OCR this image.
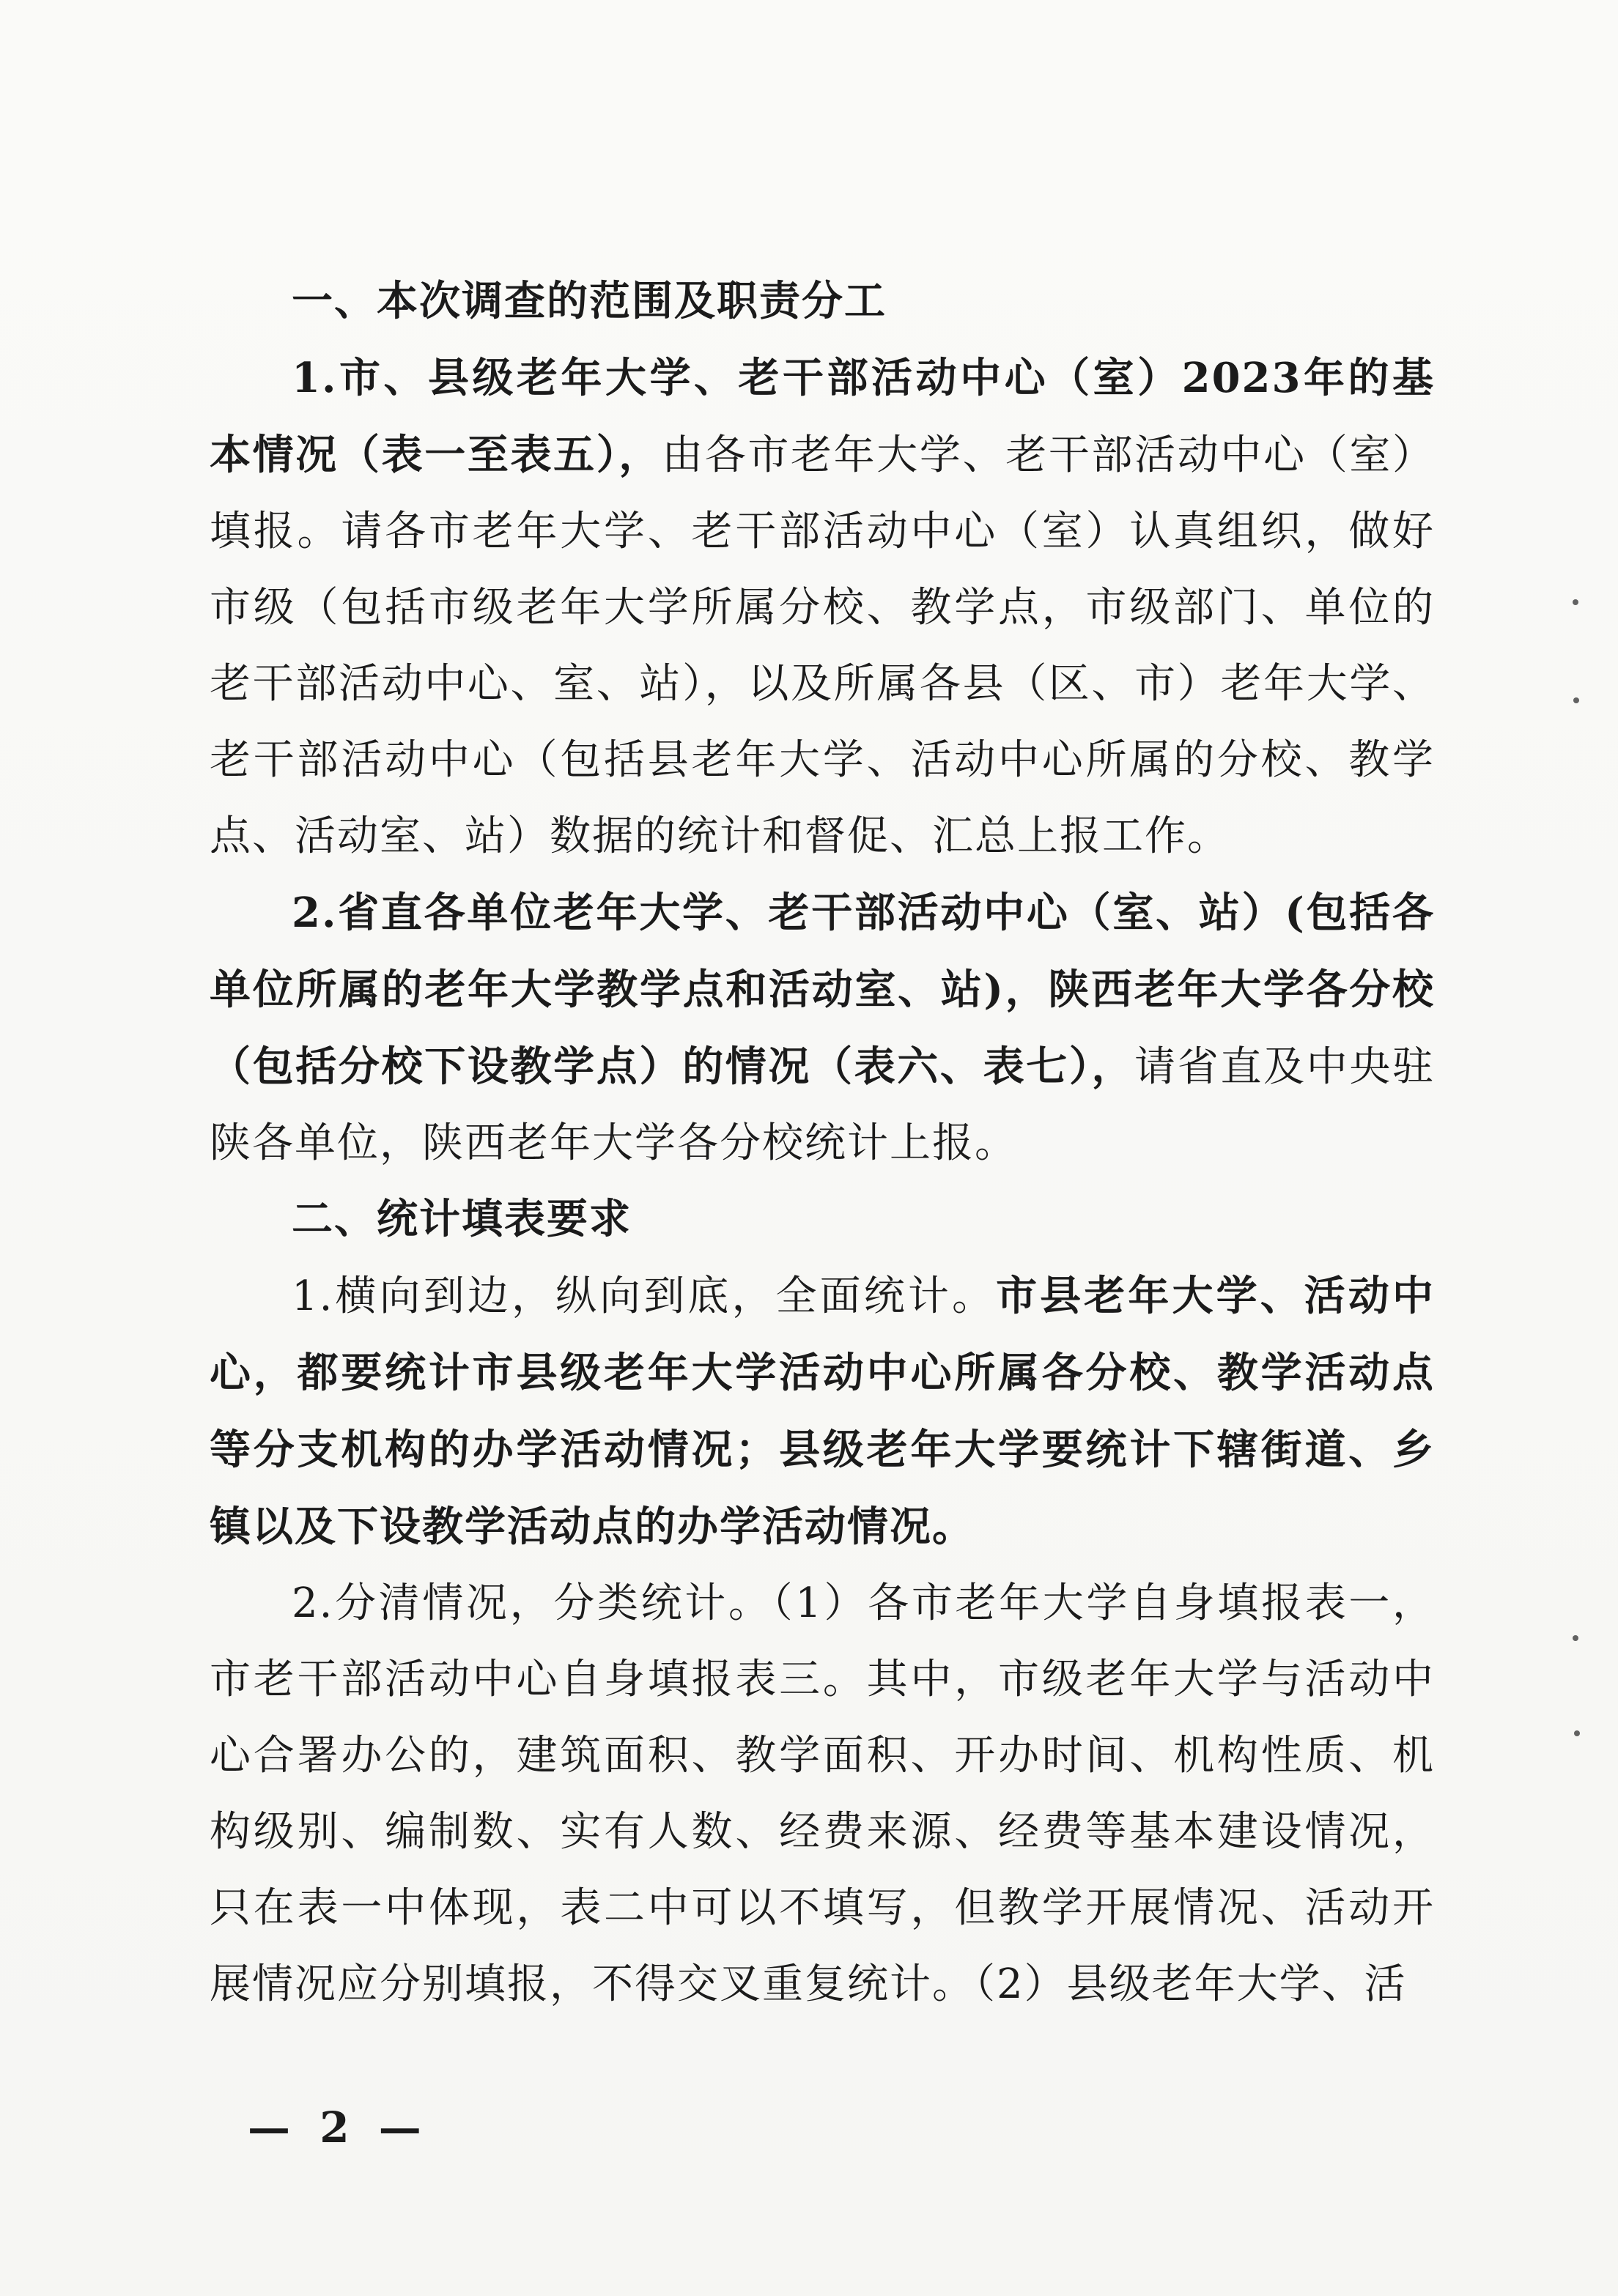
一、本次调查的范围及职责分工

1.市、县级老年大学、老干部活动中心（室）2023年的基本情况（表一至表五），由各市老年大学、老干部活动中心（室）填报。请各市老年大学、老干部活动中心（室）认真组织，做好市级（包括市级老年大学所属分校、教学点，市级部门、单位的老干部活动中心、室、站），以及所属各县（区、市）老年大学、老干部活动中心（包括县老年大学、活动中心所属的分校、教学点、活动室、站）数据的统计和督促、汇总上报工作。

2.省直各单位老年大学、老干部活动中心（室、站）(包括各单位所属的老年大学教学点和活动室、站)，陕西老年大学各分校（包括分校下设教学点）的情况（表六、表七），请省直及中央驻陕各单位，陕西老年大学各分校统计上报。

二、统计填表要求

1.横向到边，纵向到底，全面统计。市县老年大学、活动中心，都要统计市县级老年大学活动中心所属各分校、教学活动点等分支机构的办学活动情况；县级老年大学要统计下辖街道、乡镇以及下设教学活动点的办学活动情况。

2.分清情况，分类统计。（1）各市老年大学自身填报表一，市老干部活动中心自身填报表三。其中，市级老年大学与活动中心合署办公的，建筑面积、教学面积、开办时间、机构性质、机构级别、编制数、实有人数、经费来源、经费等基本建设情况，只在表一中体现，表二中可以不填写，但教学开展情况、活动开展情况应分别填报，不得交叉重复统计。（2）县级老年大学、活

— 2 —
